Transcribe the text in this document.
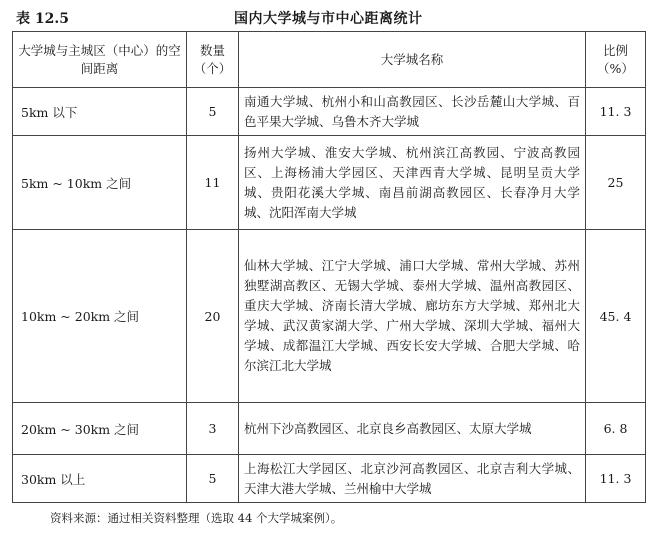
表 12.5	国内大学城与市中心距离统计
大学城与主城区（中心）的空间距离	数量（个）	大学城名称	比例（%）
5km 以下	5	南通大学城、杭州小和山高教园区、长沙岳麓山大学城、百色平果大学城、乌鲁木齐大学城	11. 3
5km ~ 10km 之间	11	扬州大学城、淮安大学城、杭州滨江高教园、宁波高教园区、上海杨浦大学园区、天津西青大学城、昆明呈贡大学城、贵阳花溪大学城、南昌前湖高教园区、长春净月大学城、沈阳浑南大学城	25
10km ~ 20km 之间	20	仙林大学城、江宁大学城、浦口大学城、常州大学城、苏州独墅湖高教区、无锡大学城、泰州大学城、温州高教园区、重庆大学城、济南长清大学城、廊坊东方大学城、郑州北大学城、武汉黄家湖大学、广州大学城、深圳大学城、福州大学城、成都温江大学城、西安长安大学城、合肥大学城、哈尔滨江北大学城	45. 4
20km ~ 30km 之间	3	杭州下沙高教园区、北京良乡高教园区、太原大学城	6. 8
30km 以上	5	上海松江大学园区、北京沙河高教园区、北京吉利大学城、天津大港大学城、兰州榆中大学城	11. 3
资料来源：通过相关资料整理（选取 44 个大学城案例）。
